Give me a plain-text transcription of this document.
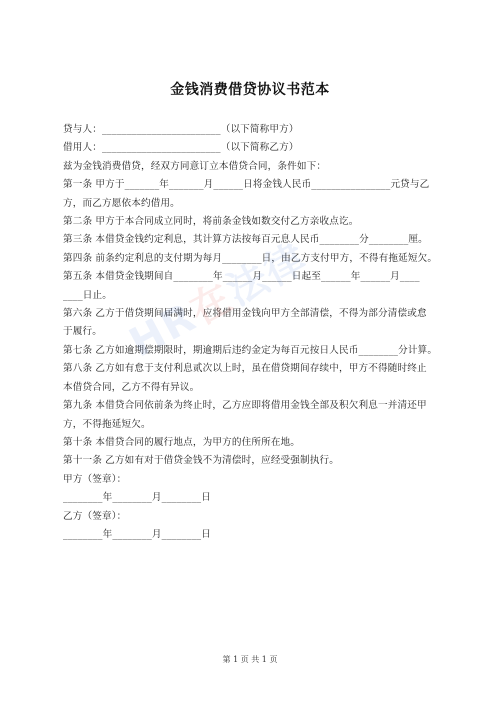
金钱消费借贷协议书范本
贷与人：________________________（以下简称甲方）
借用人：________________________（以下简称乙方）
兹为金钱消费借贷，经双方同意订立本借贷合同，条件如下：
第一条 甲方于_______年_______月______日将金钱人民币________________元贷与乙
方，而乙方愿依本约借用。
第二条 甲方于本合同成立同时，将前条金钱如数交付乙方亲收点讫。
第三条 本借贷金钱约定利息，其计算方法按每百元息人民币________分________厘。
第四条 前条约定利息的支付期为每月________日，由乙方支付甲方，不得有拖延短欠。
第五条 本借贷金钱期间自________年______月______日起至______年______月____
____日止。
第六条 乙方于借贷期间届满时，应将借用金钱向甲方全部清偿，不得为部分清偿或怠
于履行。
第七条 乙方如逾期偿期限时，期逾期后违约金定为每百元按日人民币________分计算。
第八条 乙方如有怠于支付利息贰次以上时，虽在借贷期间存续中，甲方不得随时终止
本借贷合同，乙方不得有异议。
第九条 本借贷合同依前条为终止时，乙方应即将借用金钱全部及积欠利息一并清还甲
方，不得拖延短欠。
第十条 本借贷合同的履行地点，为甲方的住所所在地。
第十一条 乙方如有对于借贷金钱不为清偿时，应经受强制执行。
甲方（签章）：
________年________月________日
乙方（签章）：
________年________月________日
HR在法律
第 1 页 共 1 页
